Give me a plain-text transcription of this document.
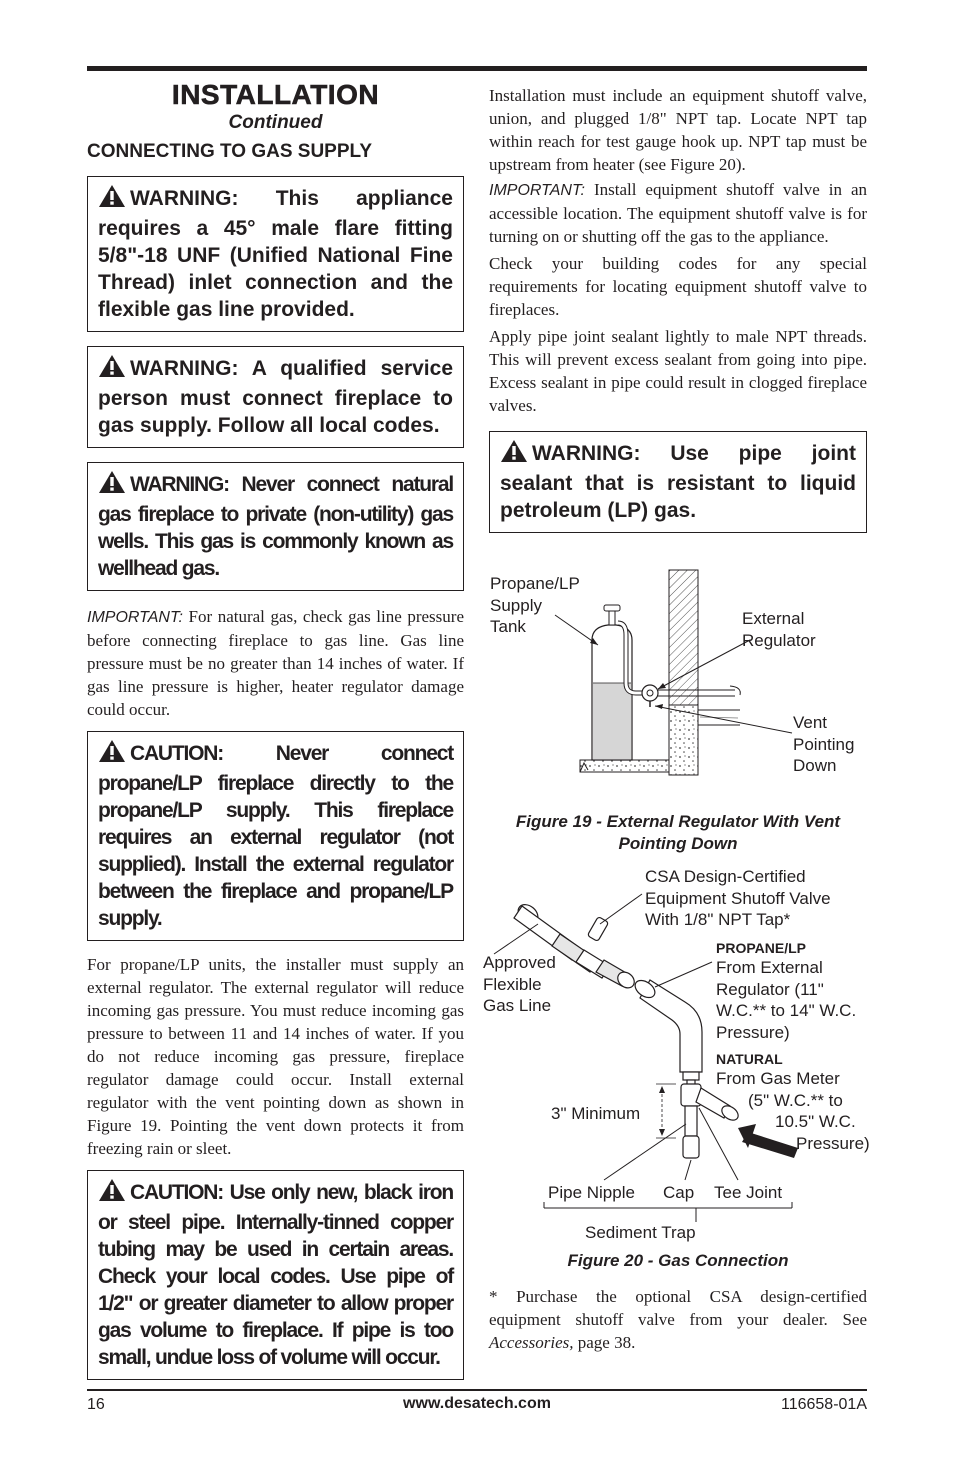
INSTALLATION
Continued
CONNECTING TO GAS SUPPLY
WARNING: This appliance requires a 45° male flare fitting 5/8"-18 UNF (Unified National Fine Thread) inlet connection and the flexible gas line provided.
WARNING: A qualified service person must connect fireplace to gas supply. Follow all local codes.
WARNING: Never connect natural gas fireplace to private (non-utility) gas wells. This gas is commonly known as wellhead gas.

IMPORTANT: For natural gas, check gas line pressure before connecting fireplace to gas line. Gas line pressure must be no greater than 14 inches of water. If gas line pressure is higher, heater regulator damage could occur.

CAUTION: Never connect propane/LP fireplace directly to the propane/LP supply. This fireplace requires an external regulator (not supplied). Install the external regulator between the fireplace and propane/LP supply.

For propane/LP units, the installer must supply an external regulator. The external regulator will reduce incoming gas pressure. You must reduce incoming gas pressure to between 11 and 14 inches of water. If you do not reduce incoming gas pressure, fireplace regulator damage could occur. Install external regulator with the vent pointing down as shown in Figure 19. Pointing the vent down protects it from freezing rain or sleet.

CAUTION: Use only new, black iron or steel pipe. Internally-tinned copper tubing may be used in certain areas. Check your local codes. Use pipe of 1/2" or greater diameter to allow proper gas volume to fireplace. If pipe is too small, undue loss of volume will occur.

Installation must include an equipment shutoff valve, union, and plugged 1/8" NPT tap. Locate NPT tap within reach for test gauge hook up. NPT tap must be upstream from heater (see Figure 20).

IMPORTANT: Install equipment shutoff valve in an accessible location. The equipment shutoff valve is for turning on or shutting off the gas to the appliance.

Check your building codes for any special requirements for locating equipment shutoff valve to fireplaces.

Apply pipe joint sealant lightly to male NPT threads. This will prevent excess sealant from going into pipe. Excess sealant in pipe could result in clogged fireplace valves.

WARNING: Use pipe joint sealant that is resistant to liquid petroleum (LP) gas.
Propane/LP
Supply
Tank	External
Regulator
Vent
Pointing
Down
Figure 19 - External Regulator With Vent
Pointing Down
CSA Design-Certified
Equipment Shutoff Valve
With 1/8" NPT Tap*
Approved
Flexible
Gas Line
PROPANE/LP
From External
Regulator (11"
W.C.** to 14" W.C.
Pressure)
NATURAL
From Gas Meter
(5" W.C.** to
10.5" W.C.
Pressure)
3" Minimum
Pipe Nipple Cap Tee Joint
Sediment Trap
Figure 20 - Gas Connection

* Purchase the optional CSA design-certified equipment shutoff valve from your dealer. See Accessories, page 38.

16	www.desatech.com	116658-01A
